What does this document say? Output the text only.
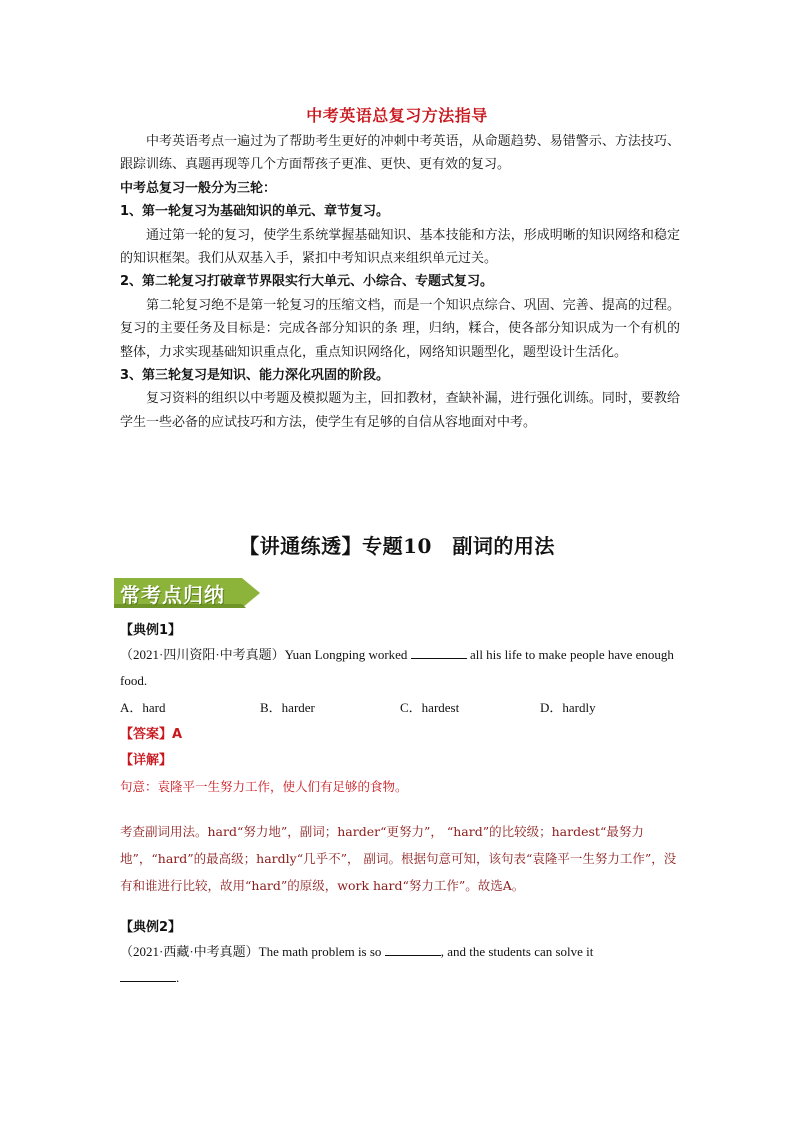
中考英语总复习方法指导

中考英语考点一遍过为了帮助考生更好的冲刺中考英语，从命题趋势、易错警示、方法技巧、跟踪训练、真题再现等几个方面帮孩子更准、更快、更有效的复习。

中考总复习一般分为三轮：

1、第一轮复习为基础知识的单元、章节复习。

通过第一轮的复习，使学生系统掌握基础知识、基本技能和方法，形成明晰的知识网络和稳定的知识框架。我们从双基入手，紧扣中考知识点来组织单元过关。

2、第二轮复习打破章节界限实行大单元、小综合、专题式复习。

第二轮复习绝不是第一轮复习的压缩文档，而是一个知识点综合、巩固、完善、提高的过程。复习的主要任务及目标是：完成各部分知识的条 理，归纳，糅合，使各部分知识成为一个有机的整体，力求实现基础知识重点化，重点知识网络化，网络知识题型化，题型设计生活化。

3、第三轮复习是知识、能力深化巩固的阶段。

复习资料的组织以中考题及模拟题为主，回扣教材，查缺补漏，进行强化训练。同时，要教给学生一些必备的应试技巧和方法，使学生有足够的自信从容地面对中考。

【讲通练透】专题10　副词的用法
常考点归纳

【典例1】

（2021·四川资阳·中考真题）Yuan Longping worked	all his life to make people have enough food.

A．hard	B．harder	C．hardest	D．hardly

【答案】A

【详解】

句意：袁隆平一生努力工作，使人们有足够的食物。

考查副词用法。hard“努力地”，副词；harder“更努力”， “hard”的比较级；hardest“最努力地”，“hard”的最高级；hardly“几乎不”， 副词。根据句意可知，该句表“袁隆平一生努力工作”，没有和谁进行比较，故用“hard”的原级，work hard“努力工作”。故选A。

【典例2】

（2021·西藏·中考真题）The math problem is so	, and the students can solve it
.
